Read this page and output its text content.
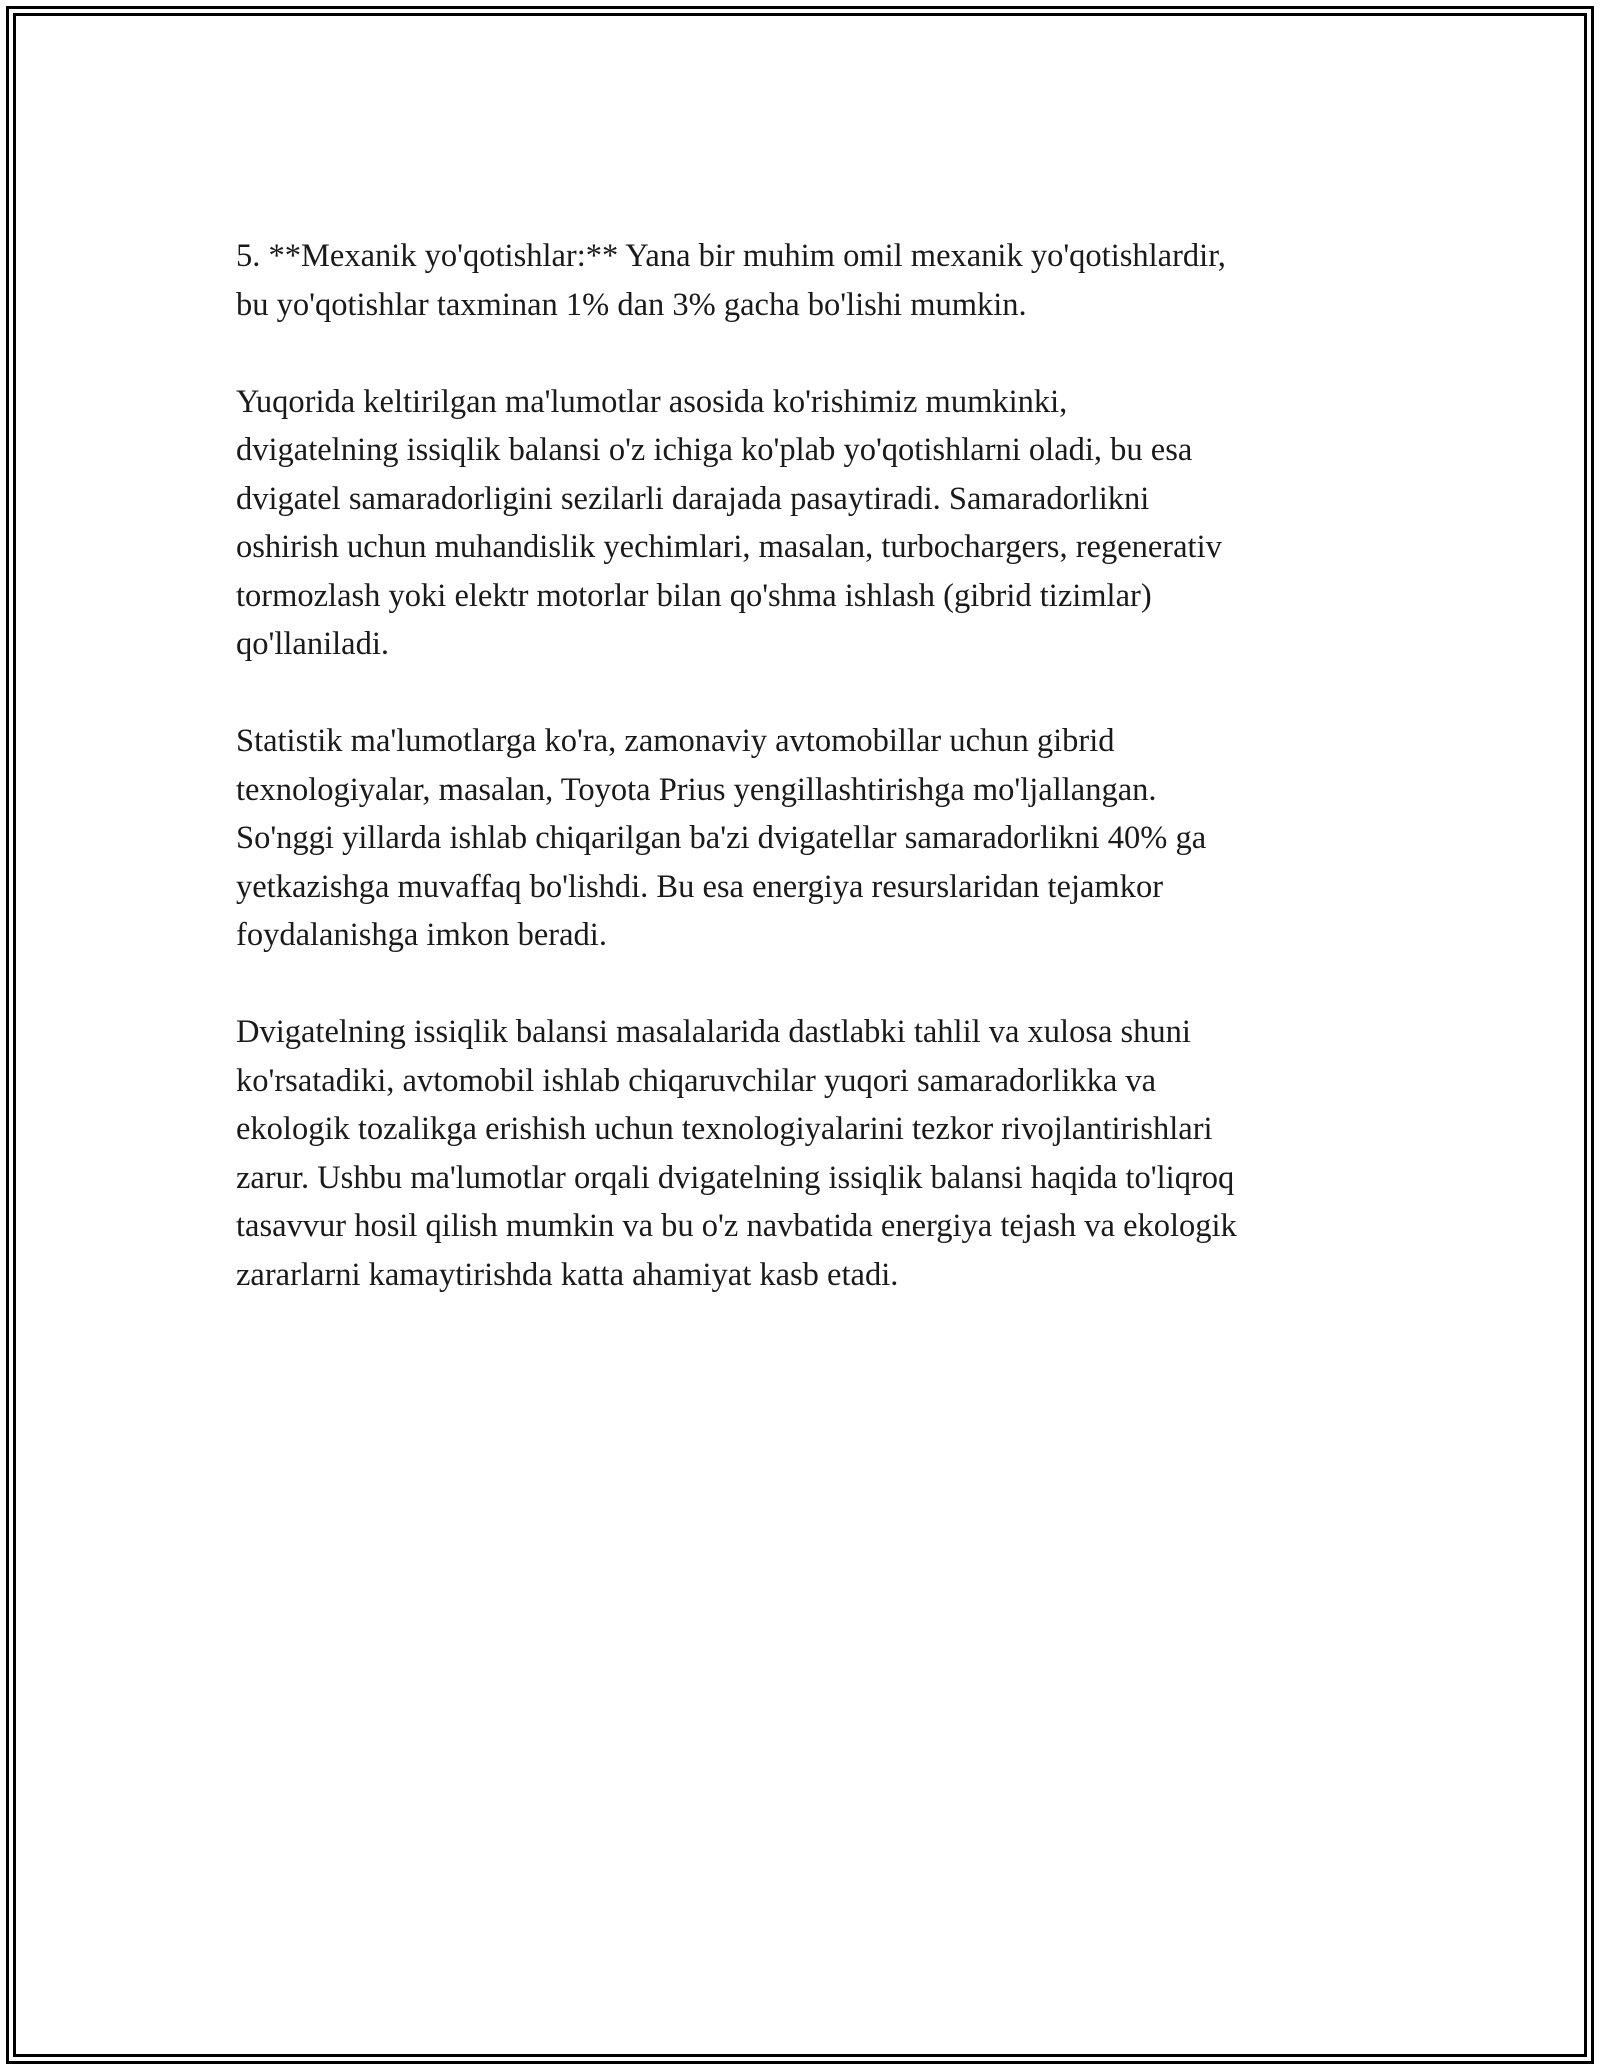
5. **Mexanik yo'qotishlar:** Yana bir muhim omil mexanik yo'qotishlardir,
bu yo'qotishlar taxminan 1% dan 3% gacha bo'lishi mumkin.

Yuqorida keltirilgan ma'lumotlar asosida ko'rishimiz mumkinki,
dvigatelning issiqlik balansi o'z ichiga ko'plab yo'qotishlarni oladi, bu esa
dvigatel samaradorligini sezilarli darajada pasaytiradi. Samaradorlikni
oshirish uchun muhandislik yechimlari, masalan, turbochargers, regenerativ
tormozlash yoki elektr motorlar bilan qo'shma ishlash (gibrid tizimlar)
qo'llaniladi.

Statistik ma'lumotlarga ko'ra, zamonaviy avtomobillar uchun gibrid
texnologiyalar, masalan, Toyota Prius yengillashtirishga mo'ljallangan.
So'nggi yillarda ishlab chiqarilgan ba'zi dvigatellar samaradorlikni 40% ga
yetkazishga muvaffaq bo'lishdi. Bu esa energiya resurslaridan tejamkor
foydalanishga imkon beradi.

Dvigatelning issiqlik balansi masalalarida dastlabki tahlil va xulosa shuni
ko'rsatadiki, avtomobil ishlab chiqaruvchilar yuqori samaradorlikka va
ekologik tozalikga erishish uchun texnologiyalarini tezkor rivojlantirishlari
zarur. Ushbu ma'lumotlar orqali dvigatelning issiqlik balansi haqida to'liqroq
tasavvur hosil qilish mumkin va bu o'z navbatida energiya tejash va ekologik
zararlarni kamaytirishda katta ahamiyat kasb etadi.
